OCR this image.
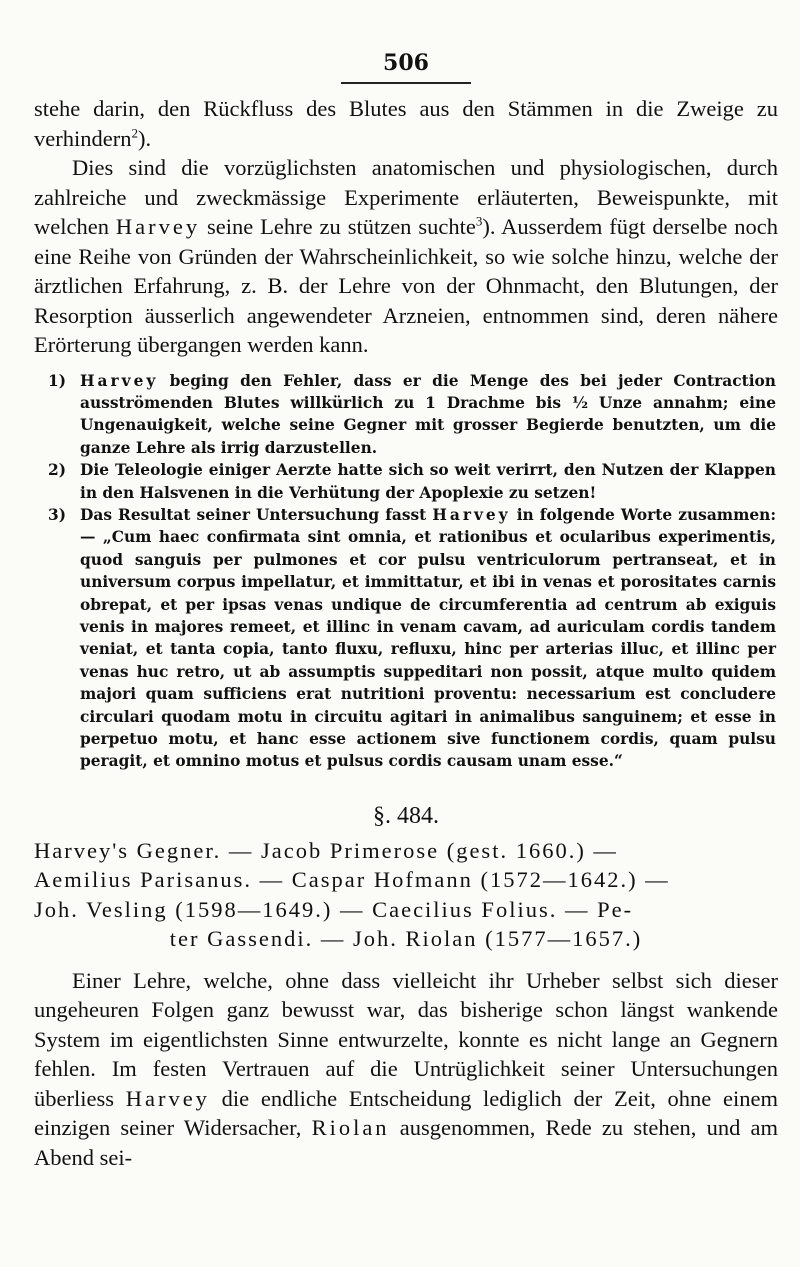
506

stehe darin, den Rückfluss des Blutes aus den Stämmen in die Zweige zu verhindern$^2$).

Dies sind die vorzüglichsten anatomischen und physiologischen, durch zahlreiche und zweckmässige Experimente erläuterten, Beweispunkte, mit welchen Harvey seine Lehre zu stützen suchte$^3$). Ausserdem fügt derselbe noch eine Reihe von Gründen der Wahrscheinlichkeit, so wie solche hinzu, welche der ärztlichen Erfahrung, z. B. der Lehre von der Ohnmacht, den Blutungen, der Resorption äusserlich angewendeter Arzneien, entnommen sind, deren nähere Erörterung übergangen werden kann.

1) Harvey beging den Fehler, dass er die Menge des bei jeder Contraction ausströmenden Blutes willkürlich zu 1 Drachme bis ½ Unze annahm; eine Ungenauigkeit, welche seine Gegner mit grosser Begierde benutzten, um die ganze Lehre als irrig darzustellen.
2) Die Teleologie einiger Aerzte hatte sich so weit verirrt, den Nutzen der Klappen in den Halsvenen in die Verhütung der Apoplexie zu setzen!
3) Das Resultat seiner Untersuchung fasst Harvey in folgende Worte zusammen: — „Cum haec confirmata sint omnia, et rationibus et ocularibus experimentis, quod sanguis per pulmones et cor pulsu ventriculorum pertranseat, et in universum corpus impellatur, et immittatur, et ibi in venas et porositates carnis obrepat, et per ipsas venas undique de circumferentia ad centrum ab exiguis venis in majores remeet, et illinc in venam cavam, ad auriculam cordis tandem veniat, et tanta copia, tanto fluxu, refluxu, hinc per arterias illuc, et illinc per venas huc retro, ut ab assumptis suppeditari non possit, atque multo quidem majori quam sufficiens erat nutritioni proventu: necessarium est concludere circulari quodam motu in circuitu agitari in animalibus sanguinem; et esse in perpetuo motu, et hanc esse actionem sive functionem cordis, quam pulsu peragit, et omnino motus et pulsus cordis causam unam esse.“
§. 484.
Harvey's Gegner. — Jacob Primerose (gest. 1660.) —
Aemilius Parisanus. — Caspar Hofmann (1572—1642.) —
Joh. Vesling (1598—1649.) — Caecilius Folius. — Pe-
ter Gassendi. — Joh. Riolan (1577—1657.)

Einer Lehre, welche, ohne dass vielleicht ihr Urheber selbst sich dieser ungeheuren Folgen ganz bewusst war, das bisherige schon längst wankende System im eigentlichsten Sinne entwurzelte, konnte es nicht lange an Gegnern fehlen. Im festen Vertrauen auf die Untrüglichkeit seiner Untersuchungen überliess Harvey die endliche Entscheidung lediglich der Zeit, ohne einem einzigen seiner Widersacher, Riolan ausgenommen, Rede zu stehen, und am Abend sei-
